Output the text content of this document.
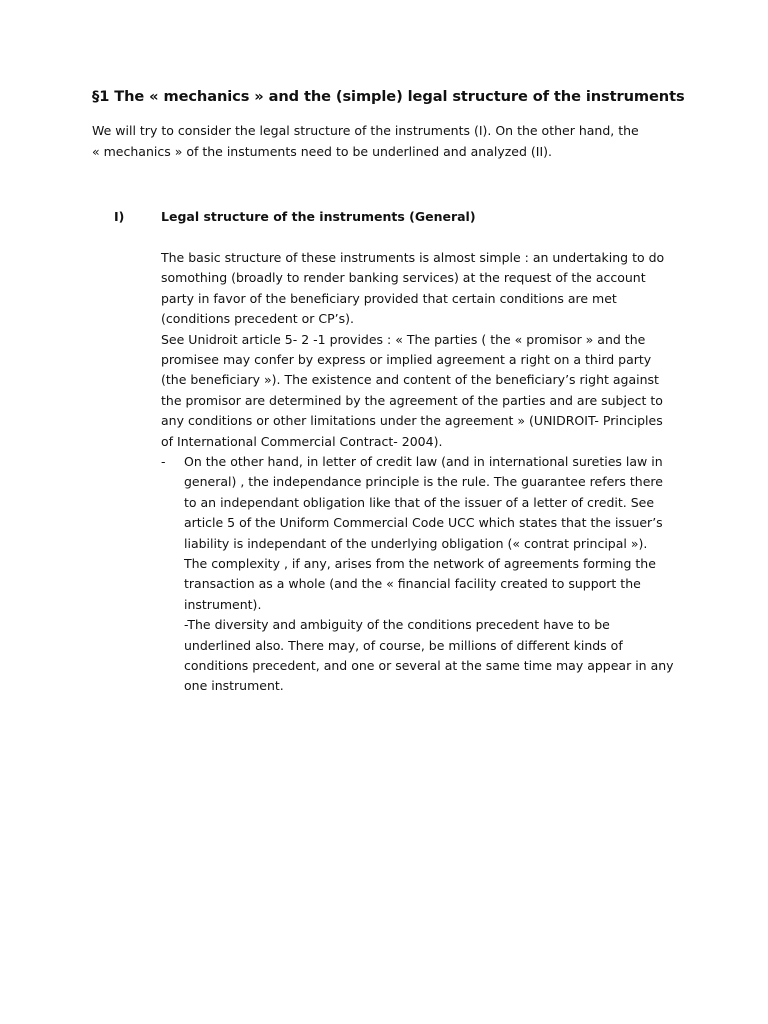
§1 The « mechanics » and the (simple) legal structure of the instruments
We will try to consider the legal structure of the instruments (I). On the other hand, the
« mechanics » of the instuments need to be underlined and analyzed (II).
I)	Legal structure of the instruments (General)
The basic structure of these instruments is almost simple : an undertaking to do
somothing (broadly to render banking services) at the request of the account
party in favor of the beneficiary provided that certain conditions are met
(conditions precedent or CP’s).
See Unidroit article 5- 2 -1 provides : « The parties ( the « promisor » and the
promisee may confer by express or implied agreement a right on a third party
(the beneficiary »). The existence and content of the beneficiary’s right against
the promisor are determined by the agreement of the parties and are subject to
any conditions or other limitations under the agreement » (UNIDROIT- Principles
of International Commercial Contract- 2004).
-	On the other hand, in letter of credit law (and in international sureties law in
general) , the independance principle is the rule. The guarantee refers there
to an independant obligation like that of the issuer of a letter of credit. See
article 5 of the Uniform Commercial Code UCC which states that the issuer’s
liability is independant of the underlying obligation (« contrat principal »).
The complexity , if any, arises from the network of agreements forming the
transaction as a whole (and the « financial facility created to support the
instrument).
-The diversity and ambiguity of the conditions precedent have to be
underlined also. There may, of course, be millions of different kinds of
conditions precedent, and one or several at the same time may appear in any
one instrument.
